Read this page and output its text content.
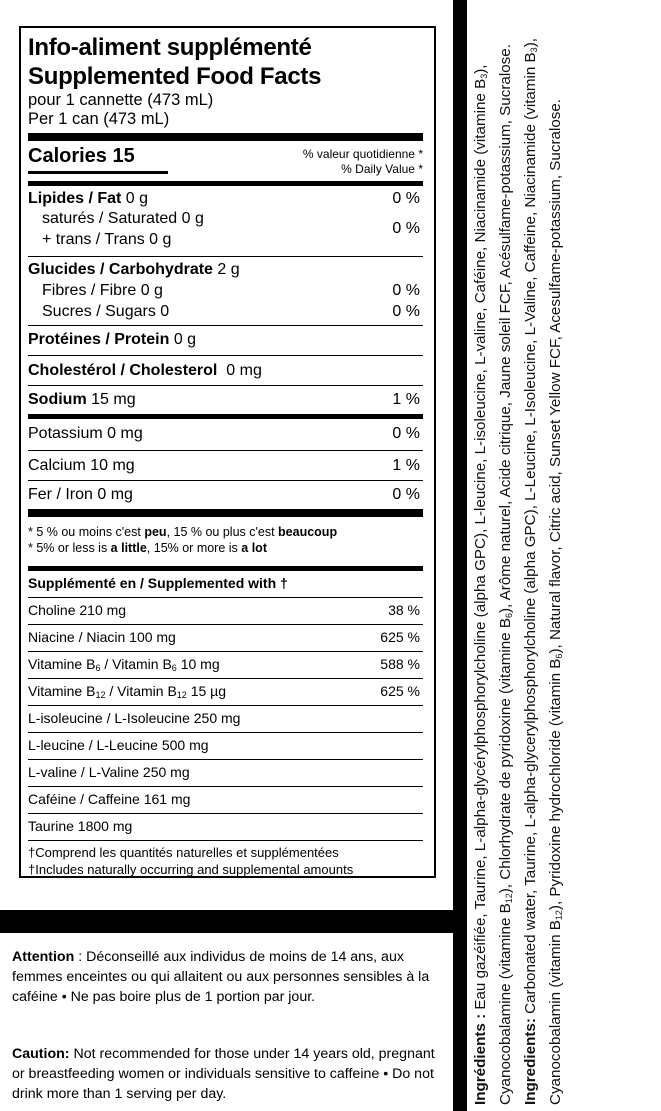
Info-aliment supplémenté
Supplemented Food Facts
pour 1 cannette (473 mL)
Per 1 can (473 mL)
Calories 15	% valeur quotidienne *
% Daily Value *
Lipides / Fat 0 g	0 %
saturés / Saturated 0 g
+ trans / Trans 0 g
0 %
Glucides / Carbohydrate 2 g
Fibres / Fibre 0 g	0 %
Sucres / Sugars 0	0 %
Protéines / Protein 0 g
Cholestérol / Cholesterol 0 mg
Sodium 15 mg	1 %
Potassium 0 mg	0 %
Calcium 10 mg	1 %
Fer / Iron 0 mg	0 %
* 5 % ou moins c'est peu, 15 % ou plus c'est beaucoup
* 5% or less is a little, 15% or more is a lot
Supplémenté en / Supplemented with †
Choline 210 mg	38 %
Niacine / Niacin 100 mg	625 %
Vitamine $B_6$ / Vitamin $B_6$ 10 mg	588 %
Vitamine $B_{12}$ / Vitamin $B_{12}$ 15 µg	625 %
L-isoleucine / L-Isoleucine 250 mg
L-leucine / L-Leucine 500 mg
L-valine / L-Valine 250 mg
Caféine / Caffeine 161 mg
Taurine 1800 mg
†Comprend les quantités naturelles et supplémentées
†Includes naturally occurring and supplemental amounts
Attention : Déconseillé aux individus de moins de 14 ans, aux femmes enceintes ou qui allaitent ou aux personnes sensibles à la caféine • Ne pas boire plus de 1 portion par jour.
Caution: Not recommended for those under 14 years old, pregnant or breastfeeding women or individuals sensitive to caffeine • Do not drink more than 1 serving per day.	Ingrédients : Eau gazéifiée, Taurine, L-alpha-glycérylphosphorylcholine (alpha GPC), L-leucine, L-isoleucine, L-valine, Caféine, Niacinamide (vitamine $B_3$), Cyanocobalamine (vitamine $B_{12}$), Chlorhydrate de pyridoxine (vitamine $B_6$), Arôme naturel, Acide citrique, Jaune soleil FCF, Acésulfame-potassium, Sucralose.

Ingredients: Carbonated water, Taurine, L-alpha-glycerylphosphorylcholine (alpha GPC), L-Leucine, L-Isoleucine, L-Valine, Caffeine, Niacinamide (vitamin $B_3$), Cyanocobalamin (vitamin $B_{12}$), Pyridoxine hydrochloride (vitamin $B_6$), Natural flavor, Citric acid, Sunset Yellow FCF, Acesulfame-potassium, Sucralose.
